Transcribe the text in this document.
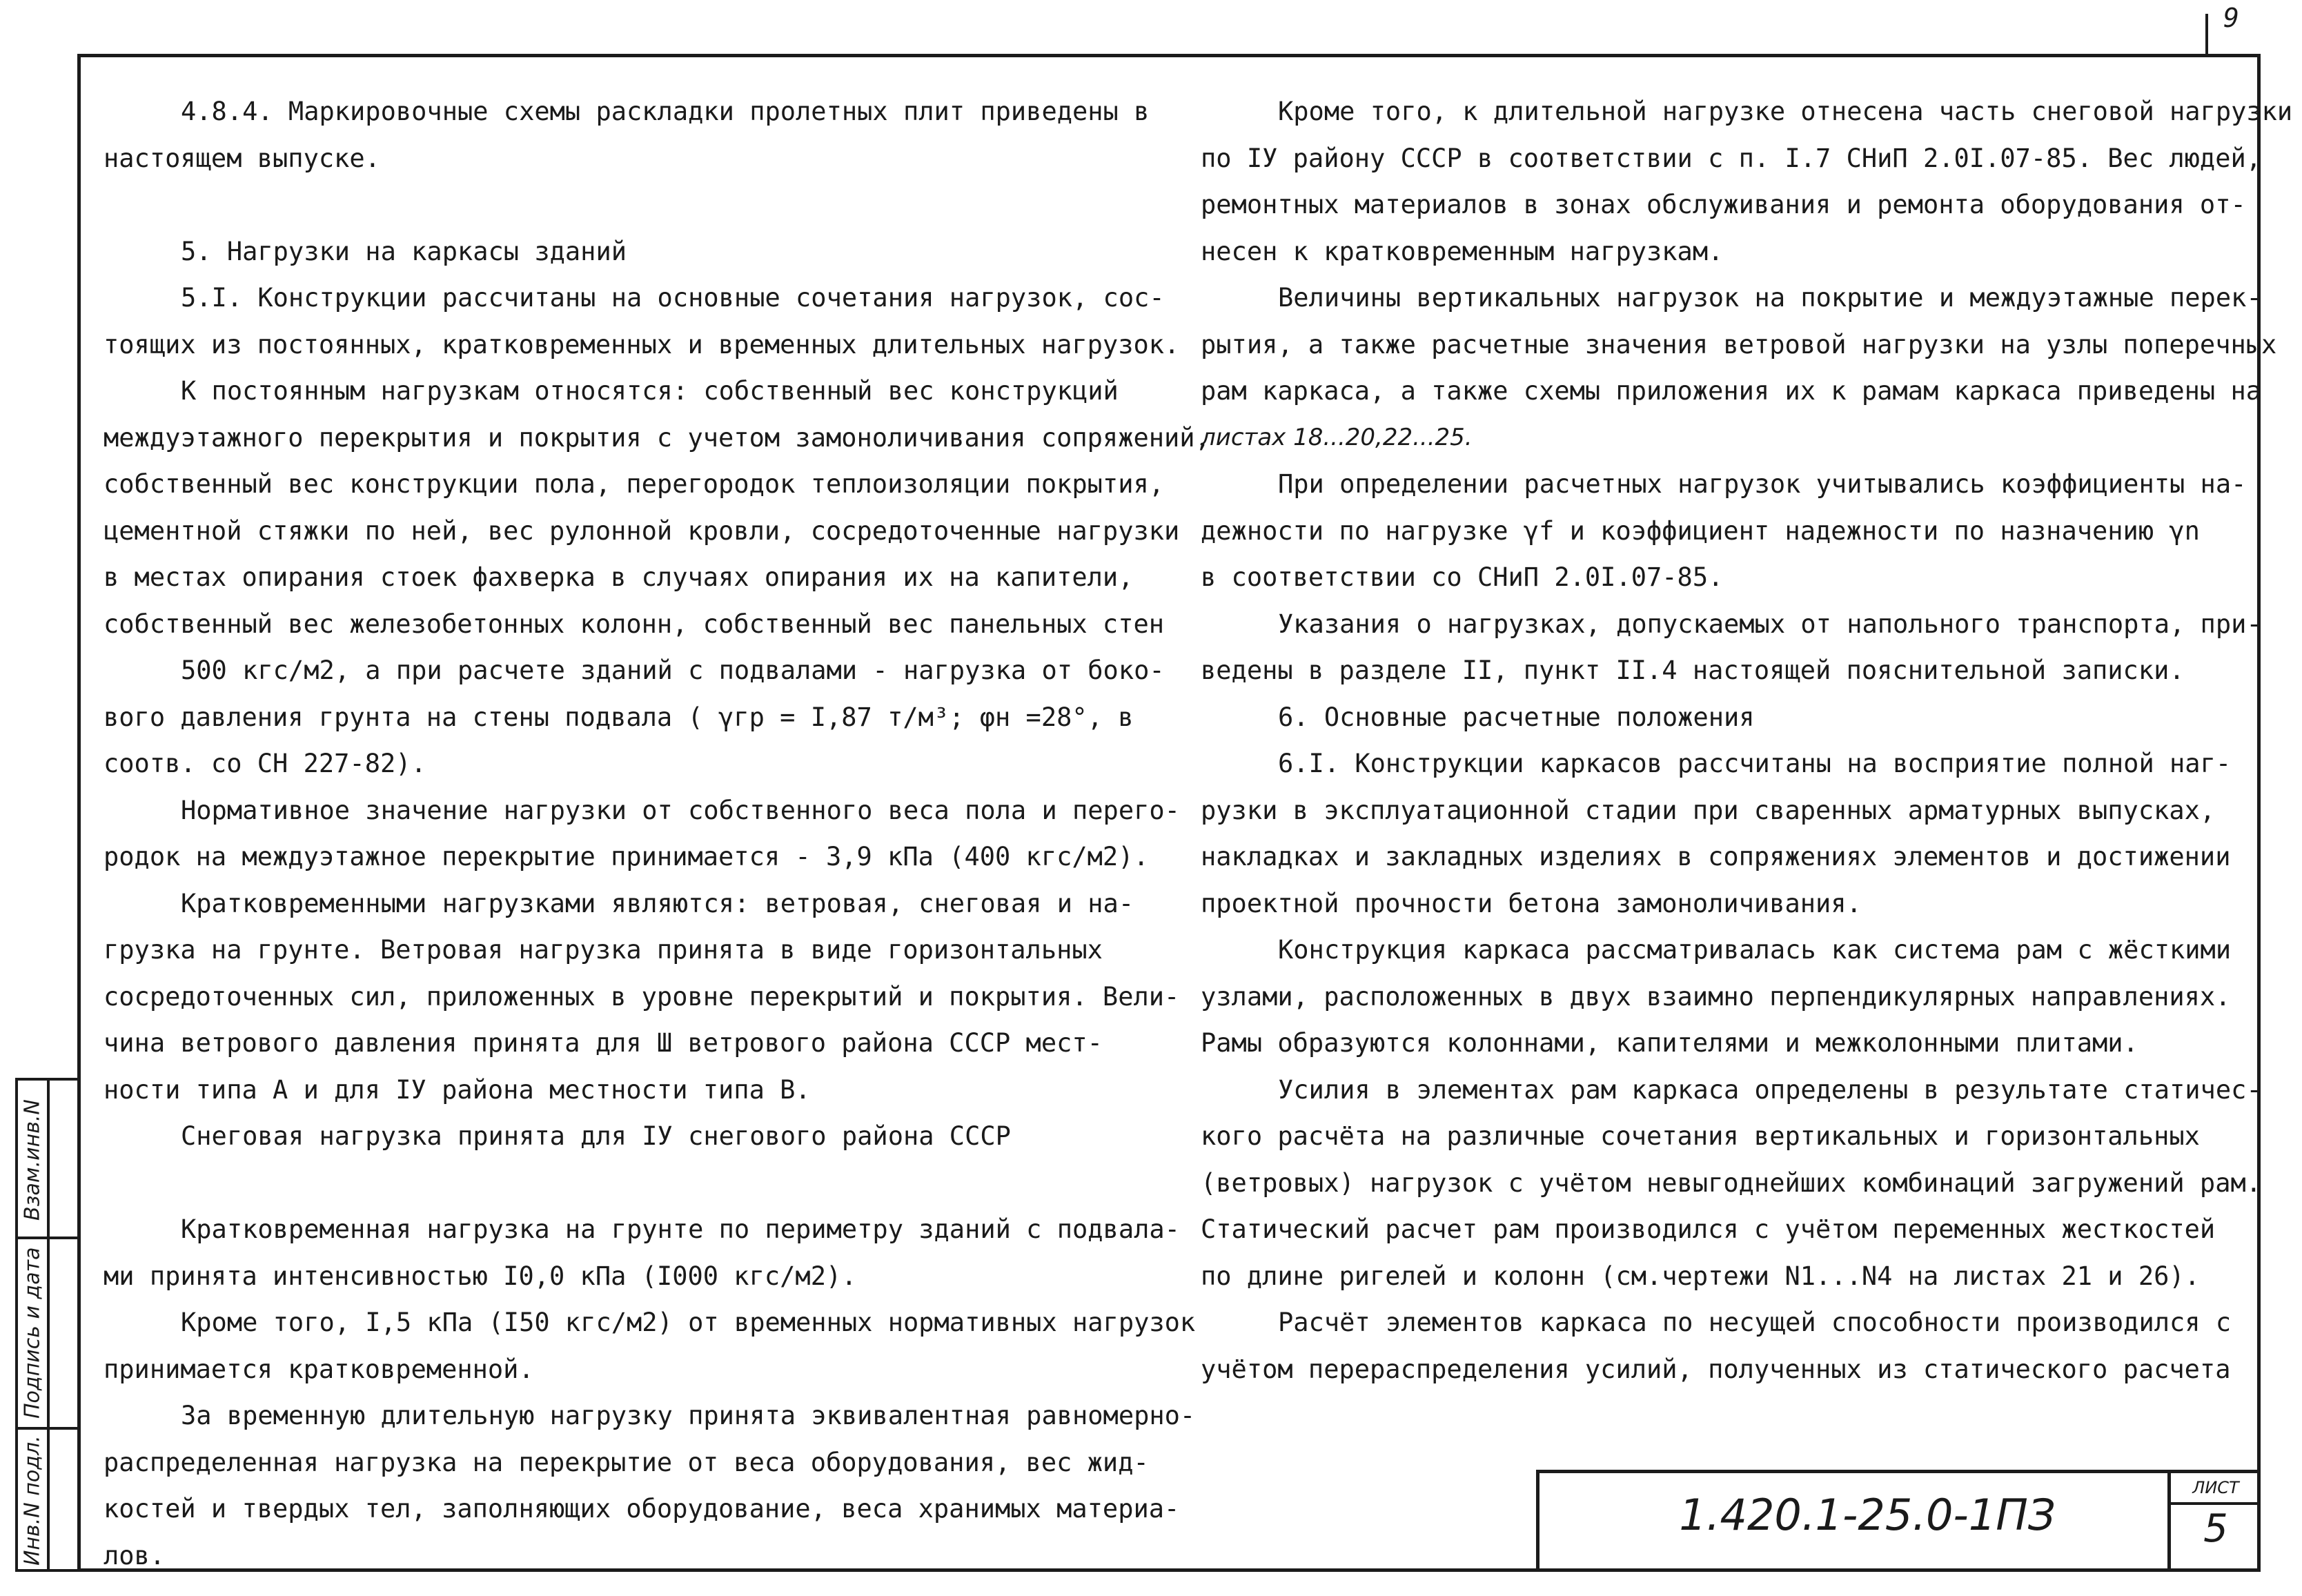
9

4.8.4. Маркировочные схемы раскладки пролетных плит приведены в

настоящем выпуске.

5. Нагрузки на каркасы зданий

5.I. Конструкции рассчитаны на основные сочетания нагрузок, сос-

тоящих из постоянных, кратковременных и временных длительных нагрузок.

К постоянным нагрузкам относятся: собственный вес конструкций

междуэтажного перекрытия и покрытия с учетом замоноличивания сопряжений,

собственный вес конструкции пола, перегородок теплоизоляции покрытия,

цементной стяжки по ней, вес рулонной кровли, сосредоточенные нагрузки

в местах опирания стоек фахверка в случаях опирания их на капители,

собственный вес железобетонных колонн, собственный вес панельных стен

500 кгс/м2, а при расчете зданий с подвалами - нагрузка от боко-

вого давления грунта на стены подвала ( γгр = I,87 т/м³; φн =28°, в

соотв. со СН 227-82).

Нормативное значение нагрузки от собственного веса пола и перего-

родок на междуэтажное перекрытие принимается - 3,9 кПа (400 кгс/м2).

Кратковременными нагрузками являются: ветровая, снеговая и на-

грузка на грунте. Ветровая нагрузка принята в виде горизонтальных

сосредоточенных сил, приложенных в уровне перекрытий и покрытия. Вели-

чина ветрового давления принята для Ш ветрового района СССР мест-

ности типа А и для IУ района местности типа В.

Снеговая нагрузка принята для IУ снегового района СССР

Кратковременная нагрузка на грунте по периметру зданий с подвала-

ми принята интенсивностью I0,0 кПа (I000 кгс/м2).

Кроме того, I,5 кПа (I50 кгс/м2) от временных нормативных нагрузок

принимается кратковременной.

За временную длительную нагрузку принята эквивалентная равномерно-

распределенная нагрузка на перекрытие от веса оборудования, вес жид-

костей и твердых тел, заполняющих оборудование, веса хранимых материа-

лов.

Кроме того, к длительной нагрузке отнесена часть снеговой нагрузки

по IУ району СССР в соответствии с п. I.7 СНиП 2.0I.07-85. Вес людей,

ремонтных материалов в зонах обслуживания и ремонта оборудования от-

несен к кратковременным нагрузкам.

Величины вертикальных нагрузок на покрытие и междуэтажные перек-

рытия, а также расчетные значения ветровой нагрузки на узлы поперечных

рам каркаса, а также схемы приложения их к рамам каркаса приведены на

листах 18...20,22...25.

При определении расчетных нагрузок учитывались коэффициенты на-

дежности по нагрузке γf и коэффициент надежности по назначению γn

в соответствии со СНиП 2.0I.07-85.

Указания о нагрузках, допускаемых от напольного транспорта, при-

ведены в разделе II, пункт II.4 настоящей пояснительной записки.

6. Основные расчетные положения

6.I. Конструкции каркасов рассчитаны на восприятие полной наг-

рузки в эксплуатационной стадии при сваренных арматурных выпусках,

накладках и закладных изделиях в сопряжениях элементов и достижении

проектной прочности бетона замоноличивания.

Конструкция каркаса рассматривалась как система рам с жёсткими

узлами, расположенных в двух взаимно перпендикулярных направлениях.

Рамы образуются колоннами, капителями и межколонными плитами.

Усилия в элементах рам каркаса определены в результате статичес-

кого расчёта на различные сочетания вертикальных и горизонтальных

(ветровых) нагрузок с учётом невыгоднейших комбинаций загружений рам.

Статический расчет рам производился с учётом переменных жесткостей

по длине ригелей и колонн (см.чертежи N1...N4 на листах 21 и 26).

Расчёт элементов каркаса по несущей способности производился с

учётом перераспределения усилий, полученных из статического расчета

1.420.1-25.0-1ПЗ
ЛИСТ
5
Взам.инв.N
Подпись и дата
Инв.N подл.
